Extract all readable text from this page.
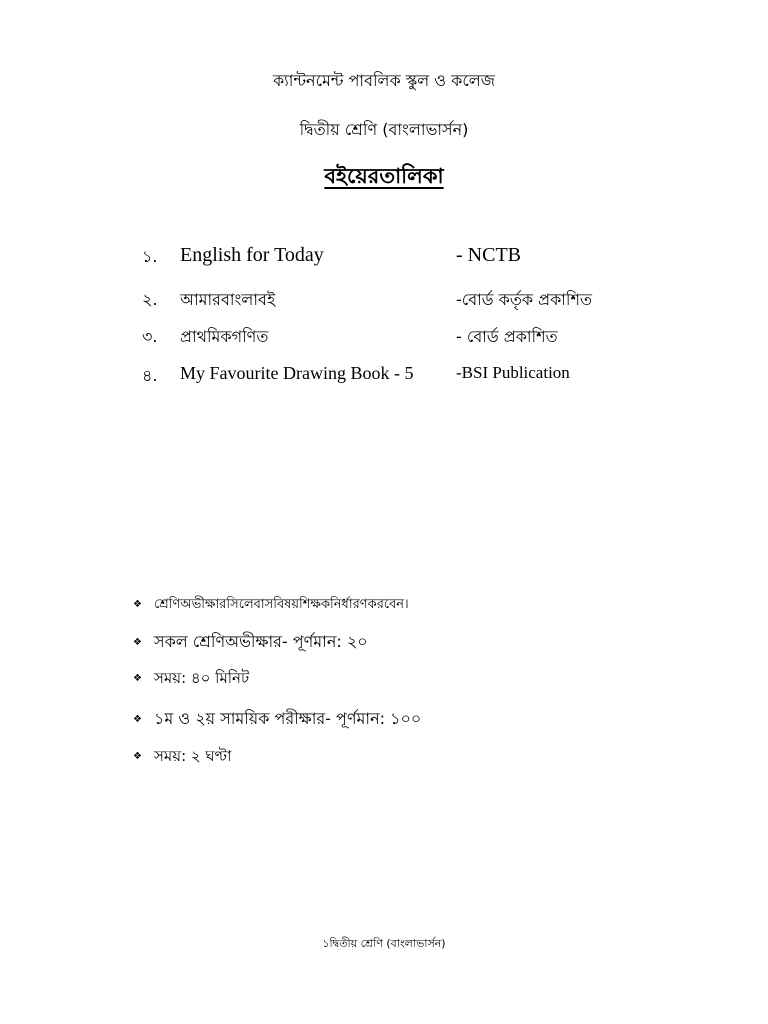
ক্যান্টনমেন্ট পাবলিক স্কুল ও কলেজ
দ্বিতীয় শ্রেণি (বাংলাভার্সন)
বইয়েরতালিকা
১. English for Today	- NCTB
২. আমারবাংলাবই	-বোর্ড কর্তৃক প্রকাশিত
৩. প্রাথমিকগণিত	- বোর্ড প্রকাশিত
৪. My Favourite Drawing Book - 5	-BSI Publication
❖ শ্রেণিঅভীক্ষারসিলেবাসবিষয়শিক্ষকনির্ধারণকরবেন।
❖ সকল শ্রেণিঅভীক্ষার- পূর্ণমান: ২০
❖ সময়: ৪০ মিনিট
❖ ১ম ও ২য় সাময়িক পরীক্ষার- পূর্ণমান: ১০০
❖ সময়: ২ ঘণ্টা
১দ্বিতীয় শ্রেণি (বাংলাভার্সন)
